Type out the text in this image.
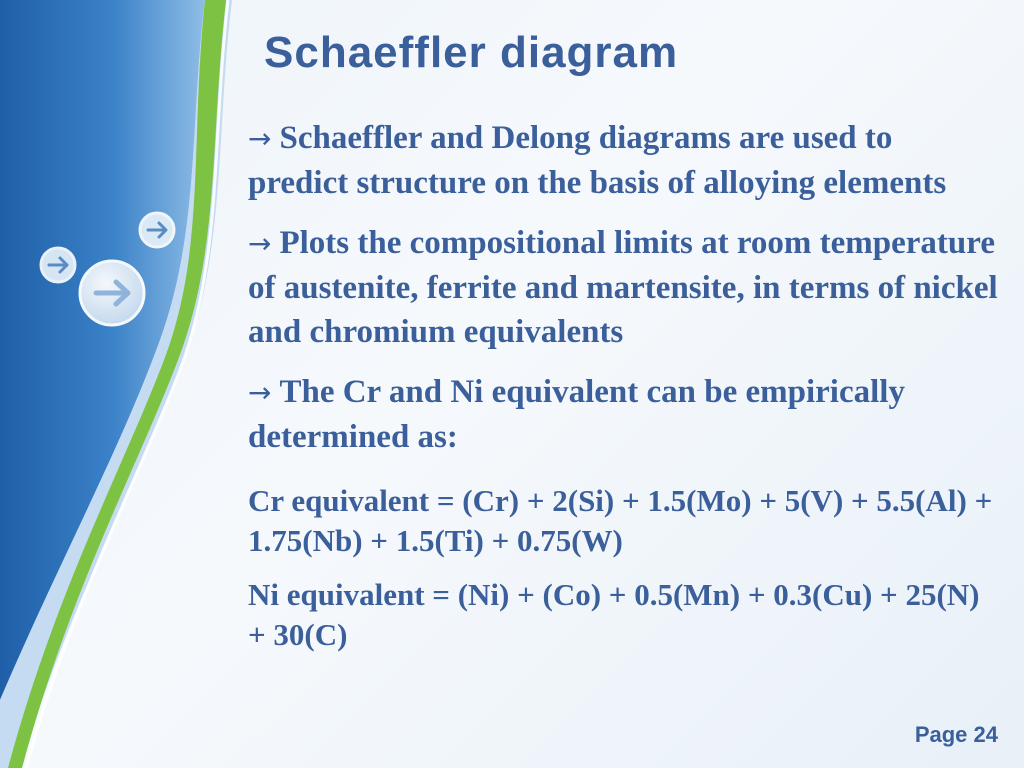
Schaeffler diagram

→ Schaeffler and Delong diagrams are used to predict structure on the basis of alloying elements

→ Plots the compositional limits at room temperature of austenite, ferrite and martensite, in terms of nickel and chromium equivalents

→ The Cr and Ni equivalent can be empirically determined as:

Cr equivalent = (Cr) + 2(Si) + 1.5(Mo) + 5(V) + 5.5(Al) + 1.75(Nb) + 1.5(Ti) + 0.75(W)

Ni equivalent = (Ni) + (Co) + 0.5(Mn) + 0.3(Cu) + 25(N) + 30(C)

Page 24
